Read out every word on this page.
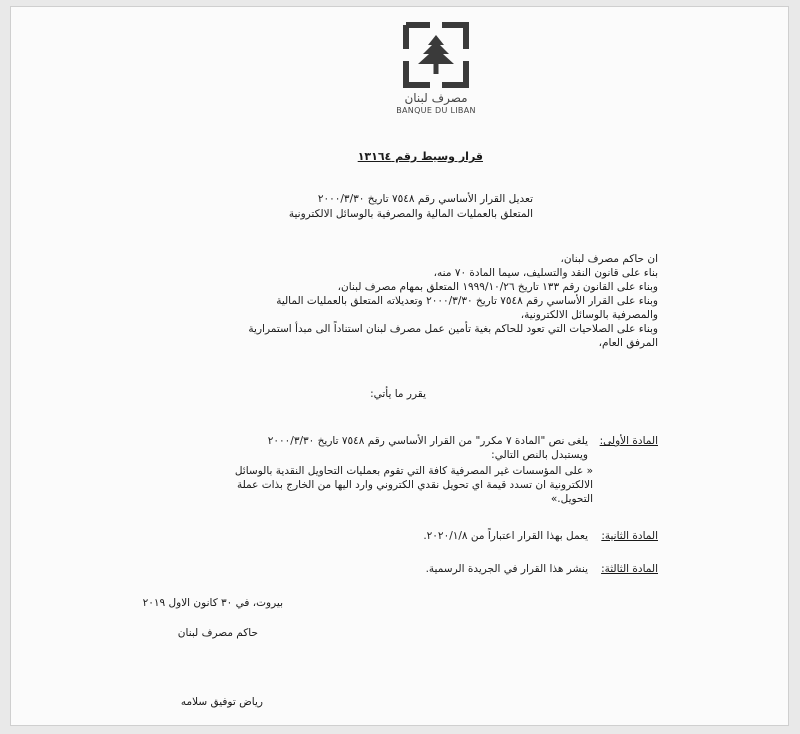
مصرف لبنان
BANQUE DU LIBAN
قرار وسيط رقم ١٣١٦٤
تعديل القرار الأساسي رقم ٧٥٤٨ تاريخ ٢٠٠٠/٣/٣٠
المتعلق بالعمليات المالية والمصرفية بالوسائل الالكترونية
ان حاكم مصرف لبنان،
بناء على قانون النقد والتسليف، سيما المادة ٧٠ منه،
وبناء على القانون رقم ١٣٣ تاريخ ١٩٩٩/١٠/٢٦ المتعلق بمهام مصرف لبنان،
وبناء على القرار الأساسي رقم ٧٥٤٨ تاريخ ٢٠٠٠/٣/٣٠ وتعديلاته المتعلق بالعمليات المالية
والمصرفية بالوسائل الالكترونية،
وبناء على الصلاحيات التي تعود للحاكم بغية تأمين عمل مصرف لبنان استناداً الى مبدأ استمرارية
المرفق العام،
يقرر ما يأتي:
المادة الأولى:
يلغى نص "المادة ٧ مكرر" من القرار الأساسي رقم ٧٥٤٨ تاريخ ٢٠٠٠/٣/٣٠
ويستبدل بالنص التالي:
« على المؤسسات غير المصرفية كافة التي تقوم بعمليات التحاويل النقدية بالوسائل
الالكترونية ان تسدد قيمة اي تحويل نقدي الكتروني وارد اليها من الخارج بذات عملة
التحويل.»
المادة الثانية:
يعمل بهذا القرار اعتباراً من ٢٠٢٠/١/٨.
المادة الثالثة:
ينشر هذا القرار في الجريدة الرسمية.
بيروت، في ٣٠ كانون الاول ٢٠١٩
حاكم مصرف لبنان
رياض توفيق سلامه
